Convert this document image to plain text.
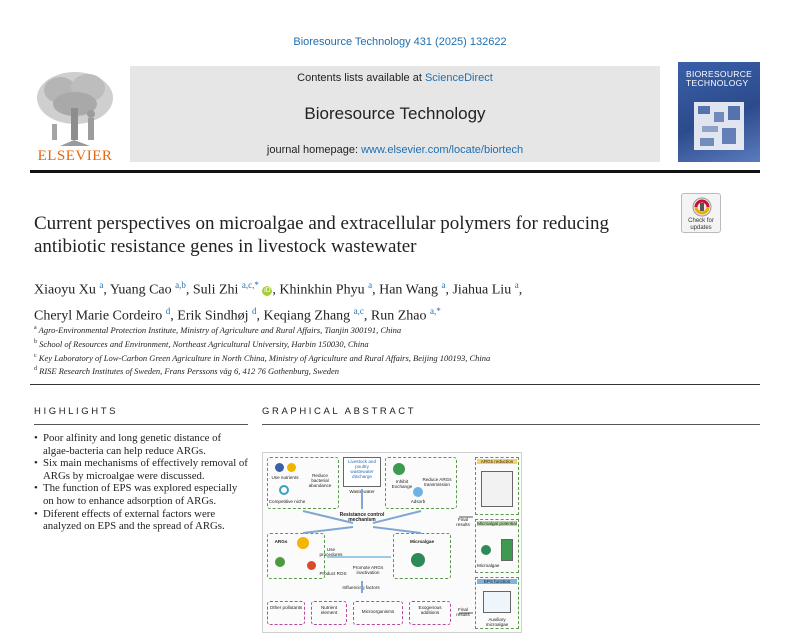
Bioresource Technology 431 (2025) 132622
ELSEVIER
Contents lists available at ScienceDirect
Bioresource Technology
journal homepage: www.elsevier.com/locate/biortech
BIORESOURCE TECHNOLOGY
Check for updates
Current perspectives on microalgae and extracellular polymers for reducing antibiotic resistance genes in livestock wastewater
Xiaoyu Xu $^a$, Yuang Cao $^{a,b}$, Suli Zhi $^{a,c,*}$ iD , Khinkhin Phyu $^a$, Han Wang $^a$, Jiahua Liu $^a$,
Cheryl Marie Cordeiro $^d$, Erik Sindhøj $^d$, Keqiang Zhang $^{a,c}$, Run Zhao $^{a,*}$
$^a$ Agro-Environmental Protection Institute, Ministry of Agriculture and Rural Affairs, Tianjin 300191, China
$^b$ School of Resources and Environment, Northeast Agricultural University, Harbin 150030, China
$^c$ Key Laboratory of Low-Carbon Green Agriculture in North China, Ministry of Agriculture and Rural Affairs, Beijing 100193, China
$^d$ RISE Research Institutes of Sweden, Frans Perssons väg 6, 412 76 Gothenburg, Sweden
HIGHLIGHTS
• Poor alfinity and long genetic distance of algae-bacteria can help reduce ARGs.
• Six main mechanisms of effectively removal of ARGs by microalgae were discussed.
• The function of EPS was explored especially on how to enhance adsorption of ARGs.
• Diferent effects of external factors were analyzed on EPS and the spread of ARGs.
GRAPHICAL ABSTRACT
Use nutrients	Reduce bacterial abundance
Competitive niche
Livestock and poultry wastewater discharge
Waste water
Inhibit Exchange
Reduce ARGs transmission
Adsorb
Resistance control mechanism
ARGs
Use procedures
Product ROS
Promote ARGs inactivation
Microalgae
Influencing factors
Other pollutants	Nutrient element	Microorganisms
Exogenous additions
Final results
Final results
ARGs reduction
Microalgal potential
Microalgae
EPS function
Auxiliary microalgae
